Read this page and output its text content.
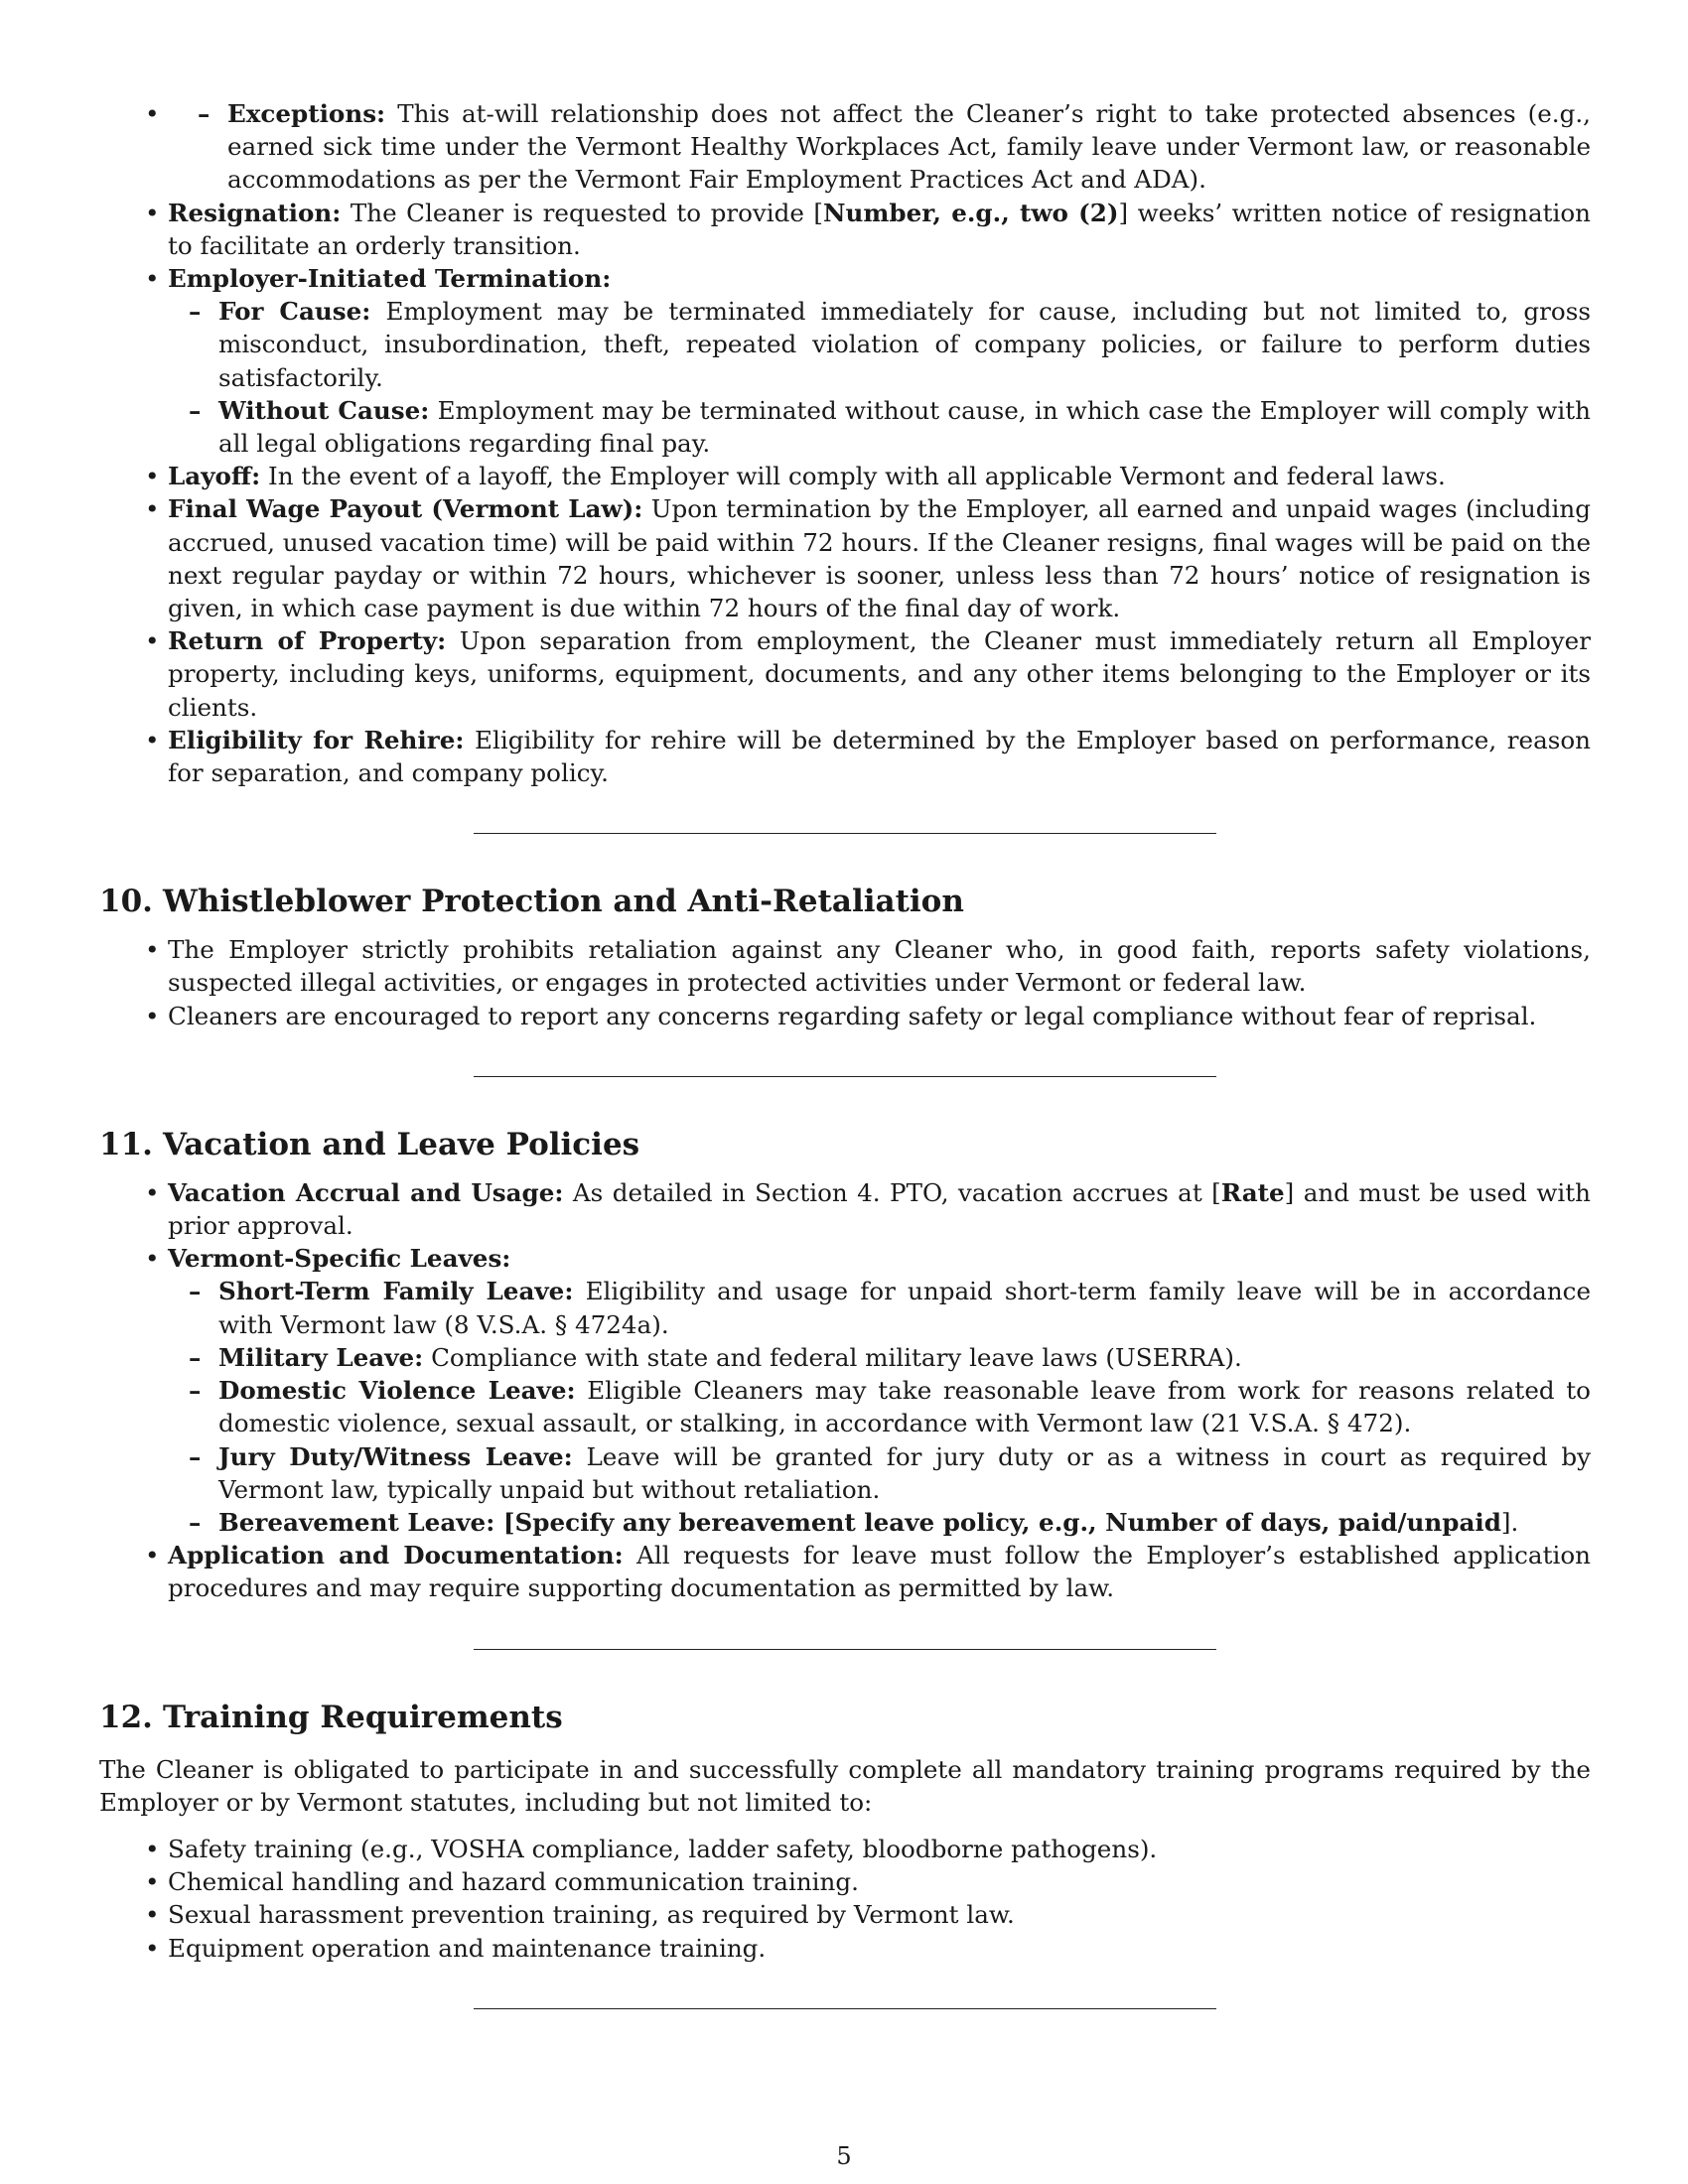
– • Exceptions: This at-will relationship does not affect the Cleaner’s right to take protected absences (e.g., earned sick time under the Vermont Healthy Workplaces Act, family leave under Vermont law, or reasonable accommodations as per the Vermont Fair Employment Practices Act and ADA).
• Resignation: The Cleaner is requested to provide [Number, e.g., two (2)] weeks’ written notice of resignation to facilitate an orderly transition.
• Employer-Initiated Termination:
– For Cause: Employment may be terminated immediately for cause, including but not limited to, gross misconduct, insubordination, theft, repeated violation of company policies, or failure to perform duties satisfactorily.
– Without Cause: Employment may be terminated without cause, in which case the Employer will comply with all legal obligations regarding final pay.
• Layoff: In the event of a layoff, the Employer will comply with all applicable Vermont and federal laws.
• Final Wage Payout (Vermont Law): Upon termination by the Employer, all earned and unpaid wages (including accrued, unused vacation time) will be paid within 72 hours. If the Cleaner resigns, final wages will be paid on the next regular payday or within 72 hours, whichever is sooner, unless less than 72 hours’ notice of resignation is given, in which case payment is due within 72 hours of the final day of work.
• Return of Property: Upon separation from employment, the Cleaner must immediately return all Employer property, including keys, uniforms, equipment, documents, and any other items belonging to the Employer or its clients.
• Eligibility for Rehire: Eligibility for rehire will be determined by the Employer based on performance, reason for separation, and company policy.
10. Whistleblower Protection and Anti-Retaliation
• The Employer strictly prohibits retaliation against any Cleaner who, in good faith, reports safety violations, suspected illegal activities, or engages in protected activities under Vermont or federal law.
• Cleaners are encouraged to report any concerns regarding safety or legal compliance without fear of reprisal.
11. Vacation and Leave Policies
• Vacation Accrual and Usage: As detailed in Section 4. PTO, vacation accrues at [Rate] and must be used with prior approval.
• Vermont-Specific Leaves:
– Short-Term Family Leave: Eligibility and usage for unpaid short-term family leave will be in accordance with Vermont law (8 V.S.A. § 4724a).
– Military Leave: Compliance with state and federal military leave laws (USERRA).
– Domestic Violence Leave: Eligible Cleaners may take reasonable leave from work for reasons related to domestic violence, sexual assault, or stalking, in accordance with Vermont law (21 V.S.A. § 472).
– Jury Duty/Witness Leave: Leave will be granted for jury duty or as a witness in court as required by Vermont law, typically unpaid but without retaliation.
– Bereavement Leave: [Specify any bereavement leave policy, e.g., Number of days, paid/unpaid].
• Application and Documentation: All requests for leave must follow the Employer’s established application procedures and may require supporting documentation as permitted by law.
12. Training Requirements

The Cleaner is obligated to participate in and successfully complete all mandatory training programs required by the Employer or by Vermont statutes, including but not limited to:

• Safety training (e.g., VOSHA compliance, ladder safety, bloodborne pathogens).
• Chemical handling and hazard communication training.
• Sexual harassment prevention training, as required by Vermont law.
• Equipment operation and maintenance training.
5
